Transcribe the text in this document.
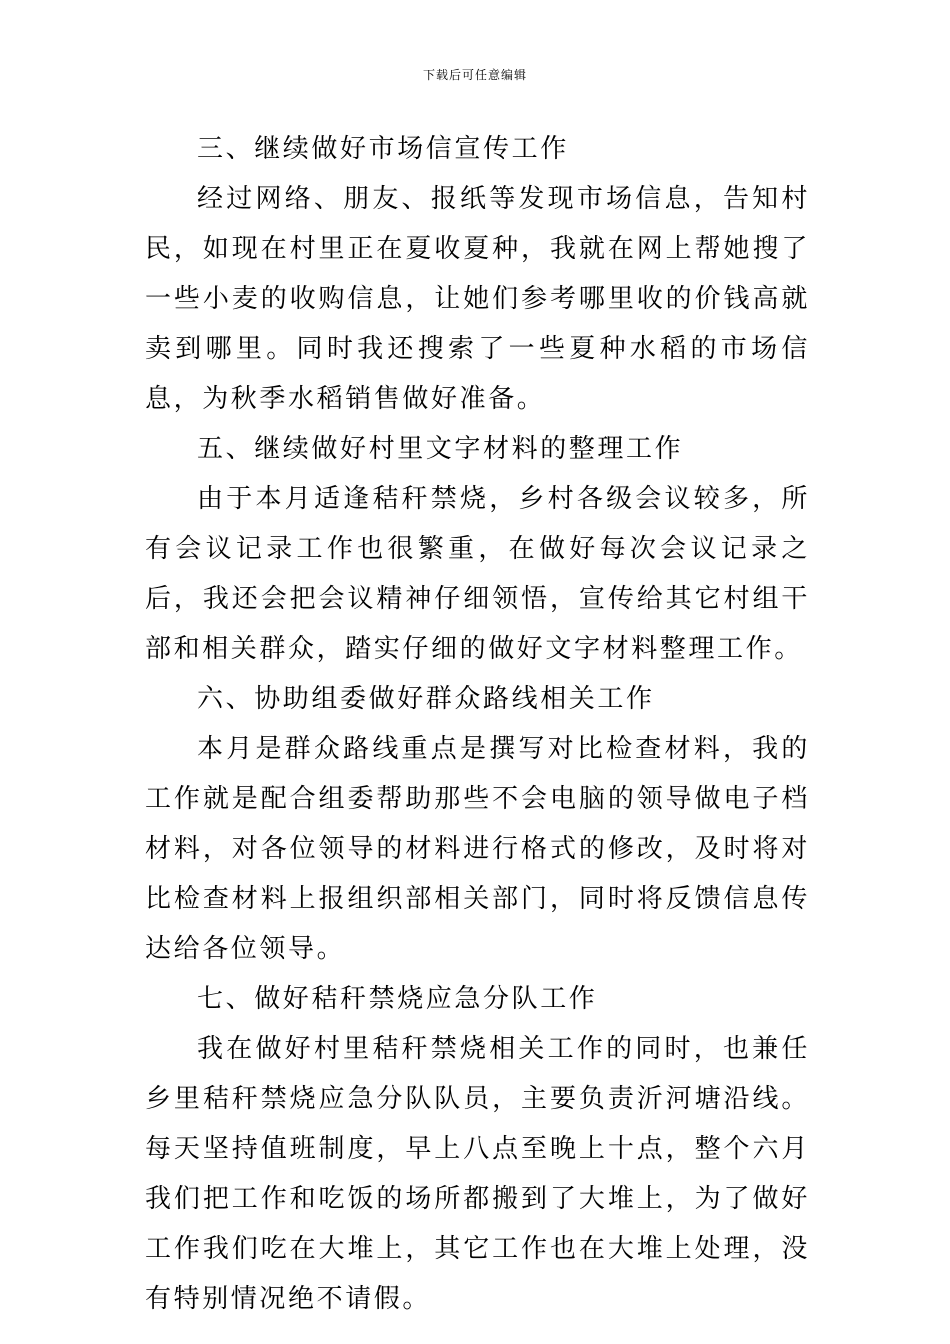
下载后可任意编辑

三、继续做好市场信宣传工作

经过网络、朋友、报纸等发现市场信息，告知村民，如现在村里正在夏收夏种，我就在网上帮她搜了一些小麦的收购信息，让她们参考哪里收的价钱高就卖到哪里。同时我还搜索了一些夏种水稻的市场信息，为秋季水稻销售做好准备。

五、继续做好村里文字材料的整理工作

由于本月适逢秸秆禁烧，乡村各级会议较多，所有会议记录工作也很繁重，在做好每次会议记录之后，我还会把会议精神仔细领悟，宣传给其它村组干部和相关群众，踏实仔细的做好文字材料整理工作。

六、协助组委做好群众路线相关工作

本月是群众路线重点是撰写对比检查材料，我的工作就是配合组委帮助那些不会电脑的领导做电子档材料，对各位领导的材料进行格式的修改，及时将对比检查材料上报组织部相关部门，同时将反馈信息传达给各位领导。

七、做好秸秆禁烧应急分队工作

我在做好村里秸秆禁烧相关工作的同时，也兼任乡里秸秆禁烧应急分队队员，主要负责沂河塘沿线。每天坚持值班制度，早上八点至晚上十点，整个六月我们把工作和吃饭的场所都搬到了大堆上，为了做好工作我们吃在大堆上，其它工作也在大堆上处理，没有特别情况绝不请假。
